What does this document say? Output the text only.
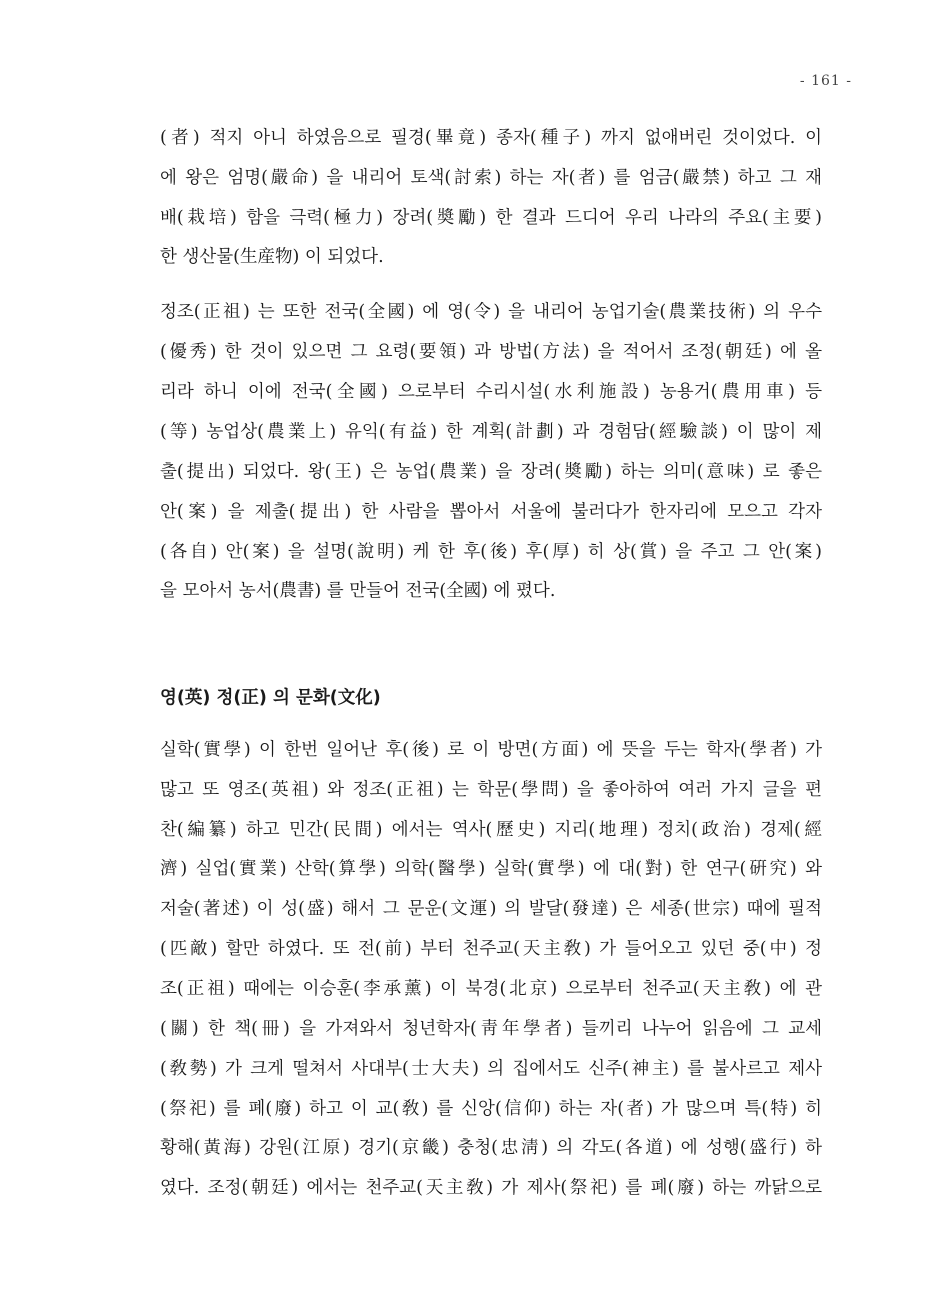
- 161 -
(者) 적지 아니 하였음으로 필경(畢竟) 종자(種子) 까지 없애버린 것이었다. 이
에 왕은 엄명(嚴命) 을 내리어 토색(討索) 하는 자(者) 를 엄금(嚴禁) 하고 그 재
배(栽培) 함을 극력(極力) 장려(奬勵) 한 결과 드디어 우리 나라의 주요(主要)
한 생산물(生産物) 이 되었다.
정조(正祖) 는 또한 전국(全國) 에 영(令) 을 내리어 농업기술(農業技術) 의 우수
(優秀) 한 것이 있으면 그 요령(要領) 과 방법(方法) 을 적어서 조정(朝廷) 에 올
리라 하니 이에 전국(全國) 으로부터 수리시설(水利施設) 농용거(農用車) 등
(等) 농업상(農業上) 유익(有益) 한 계획(計劃) 과 경험담(經驗談) 이 많이 제
출(提出) 되었다. 왕(王) 은 농업(農業) 을 장려(奬勵) 하는 의미(意味) 로 좋은
안(案) 을 제출(提出) 한 사람을 뽑아서 서울에 불러다가 한자리에 모으고 각자
(各自) 안(案) 을 설명(說明) 케 한 후(後) 후(厚) 히 상(賞) 을 주고 그 안(案)
을 모아서 농서(農書) 를 만들어 전국(全國) 에 폈다.
영(英) 정(正) 의 문화(文化)
실학(實學) 이 한번 일어난 후(後) 로 이 방면(方面) 에 뜻을 두는 학자(學者) 가
많고 또 영조(英祖) 와 정조(正祖) 는 학문(學問) 을 좋아하여 여러 가지 글을 편
찬(編纂) 하고 민간(民間) 에서는 역사(歷史) 지리(地理) 정치(政治) 경제(經
濟) 실업(實業) 산학(算學) 의학(醫學) 실학(實學) 에 대(對) 한 연구(硏究) 와
저술(著述) 이 성(盛) 해서 그 문운(文運) 의 발달(發達) 은 세종(世宗) 때에 필적
(匹敵) 할만 하였다. 또 전(前) 부터 천주교(天主敎) 가 들어오고 있던 중(中) 정
조(正祖) 때에는 이승훈(李承薰) 이 북경(北京) 으로부터 천주교(天主敎) 에 관
(關) 한 책(冊) 을 가져와서 청년학자(靑年學者) 들끼리 나누어 읽음에 그 교세
(敎勢) 가 크게 떨쳐서 사대부(士大夫) 의 집에서도 신주(神主) 를 불사르고 제사
(祭祀) 를 폐(廢) 하고 이 교(敎) 를 신앙(信仰) 하는 자(者) 가 많으며 특(特) 히
황해(黃海) 강원(江原) 경기(京畿) 충청(忠淸) 의 각도(各道) 에 성행(盛行) 하
였다. 조정(朝廷) 에서는 천주교(天主敎) 가 제사(祭祀) 를 폐(廢) 하는 까닭으로
